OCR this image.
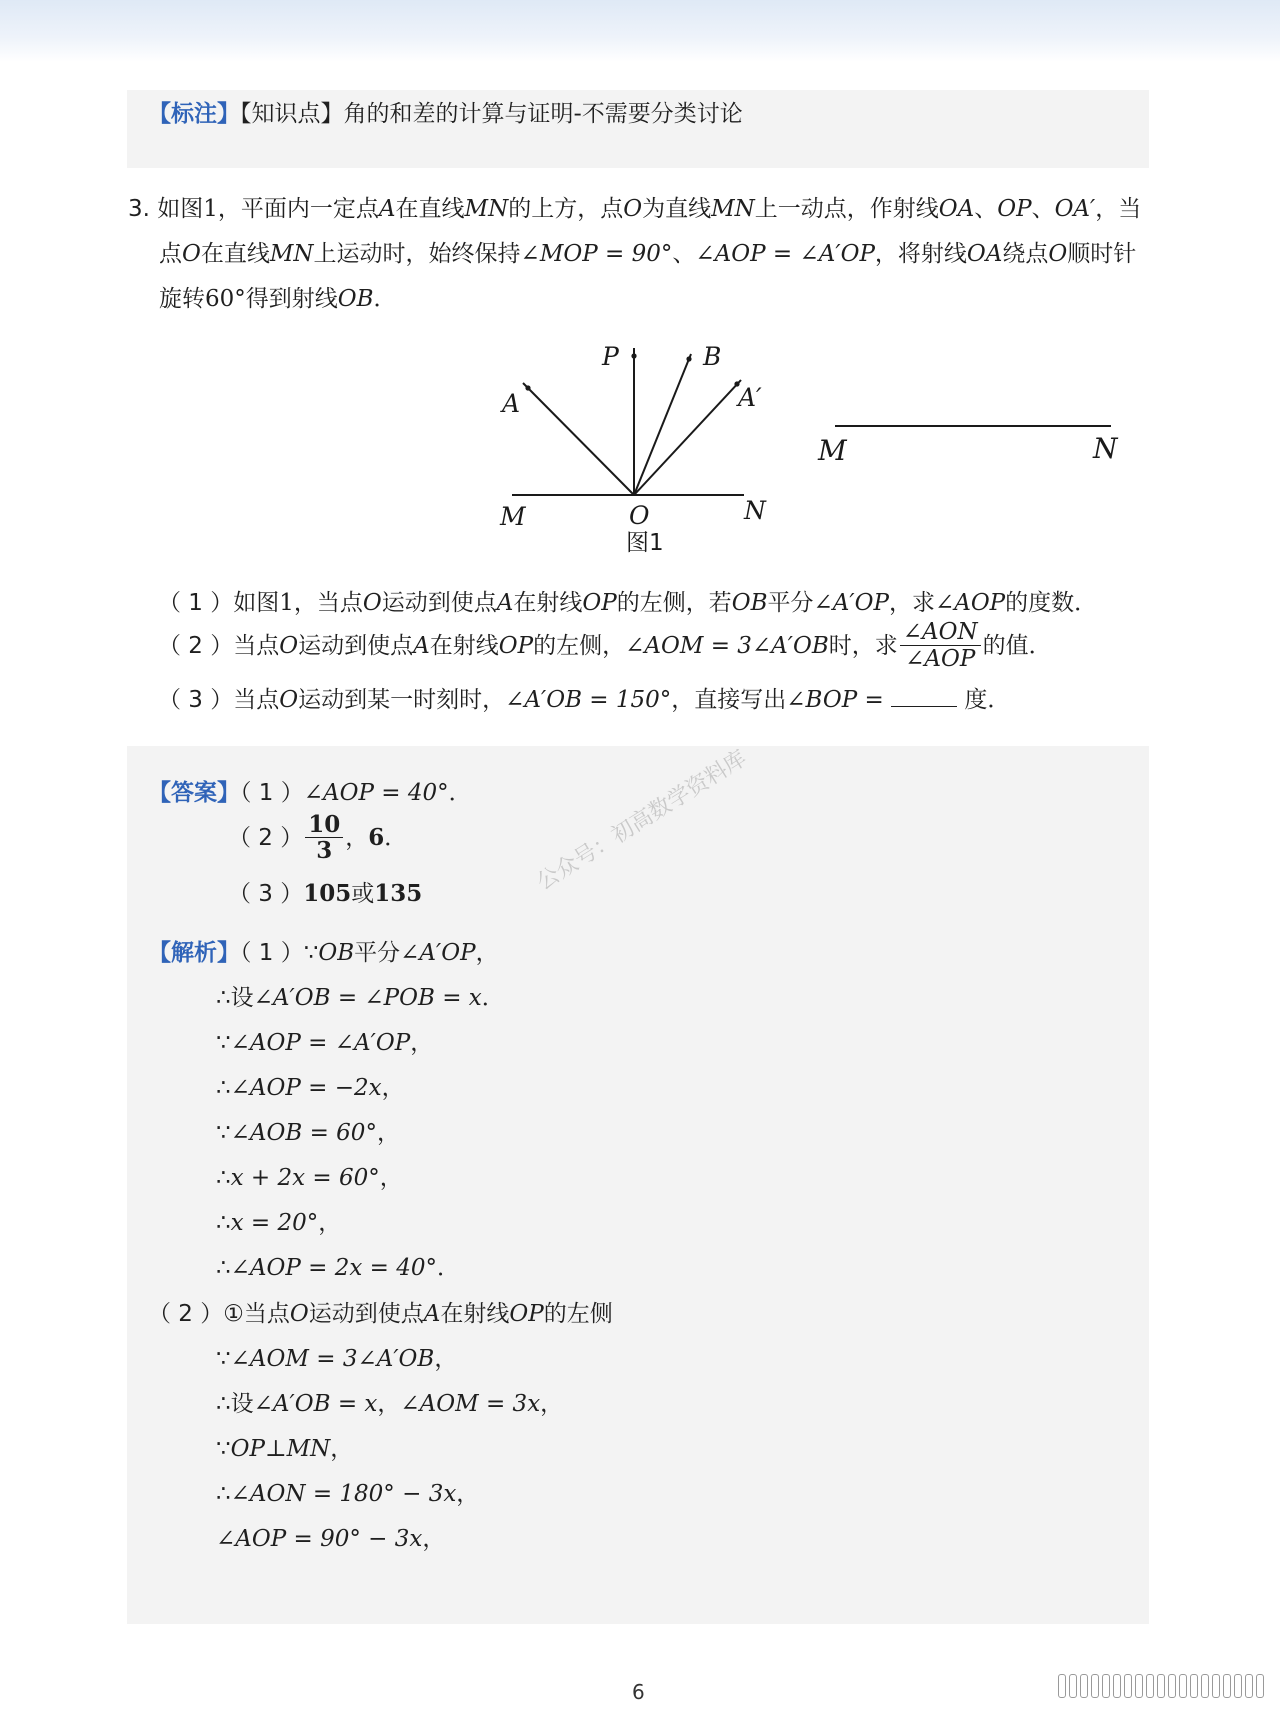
【标注】【知识点】角的和差的计算与证明-不需要分类讨论
3. 如图1，平面内一定点A在直线MN的上方，点O为直线MN上一动点，作射线OA、OP、OA′，当
点O在直线MN上运动时，始终保持∠MOP = 90°、∠AOP = ∠A′OP，将射线OA绕点O顺时针
旋转60°得到射线OB．
P	B
A	A′
M	O	N
M	N
图1
（ 1 ）如图1，当点O运动到使点A在射线OP的左侧，若OB平分∠A′OP，求∠AOP的度数．
（ 2 ）当点O运动到使点A在射线OP的左侧，∠AOM = 3∠A′OB时，求 $\frac{\text{∠AON}}{\text{∠AOP}}$ 的值．
（ 3 ）当点O运动到某一时刻时，∠A′OB = 150°，直接写出∠BOP =	度．
公众号：初高数学资料库
【答案】（ 1 ）∠AOP = 40°．
（ 2 ） $\frac{10}{3}$ ，6．
（ 3 ）105或135
【解析】（ 1 ）∵OB平分∠A′OP，
∴设∠A′OB = ∠POB = x．
∵∠AOP = ∠A′OP，
∴∠AOP = −2x，
∵∠AOB = 60°，
∴x + 2x = 60°，
∴x = 20°，
∴∠AOP = 2x = 40°．
（ 2 ）①当点O运动到使点A在射线OP的左侧
∵∠AOM = 3∠A′OB，
∴设∠A′OB = x，∠AOM = 3x，
∵OP⊥MN，
∴∠AON = 180° − 3x，
∠AOP = 90° − 3x，
6
